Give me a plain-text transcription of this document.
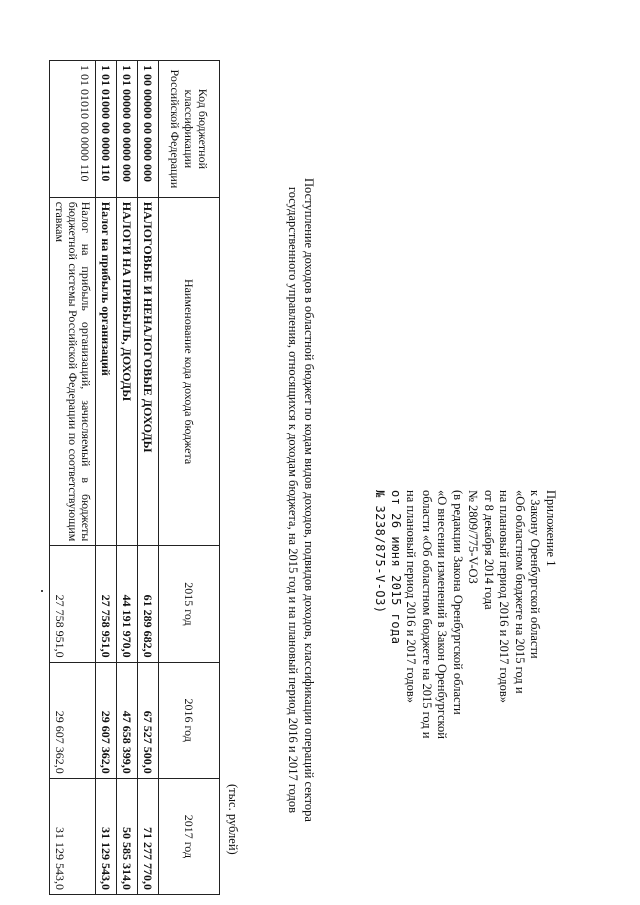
Приложение 1
к Закону Оренбургской области
«Об областном бюджете на 2015 год и
на плановый период 2016 и 2017 годов»
от 8 декабря 2014 года
№ 2809/775-V-ОЗ
(в редакции Закона Оренбургской области
«О внесении изменений в Закон Оренбургской
области «Об областном бюджете на 2015 год и
на плановый период 2016 и 2017 годов»
от 26 июня 2015 года
№ 3238/875-V-ОЗ)
Поступление доходов в областной бюджет по кодам видов доходов, подвидов доходов, классификации операций сектора государственного управления, относящихся к доходам бюджета, на 2015 год и на плановый период 2016 и 2017 годов
(тыс. рублей)
Код бюджетной классификации Российской Федерации	Наименование кода дохода бюджета	2015 год	2016 год	2017 год
1 00 00000 00 0000 000	НАЛОГОВЫЕ И НЕНАЛОГОВЫЕ ДОХОДЫ	61 289 682,0	67 527 500,0	71 277 770,0
1 01 00000 00 0000 000	НАЛОГИ НА ПРИБЫЛЬ, ДОХОДЫ	44 191 970,0	47 658 399,0	50 585 314,0
1 01 01000 00 0000 110	Налог на прибыль организаций	27 758 951,0	29 607 362,0	31 129 543,0
1 01 01010 00 0000 110	Налог на прибыль организаций, зачисляемый в бюджеты бюджетной системы Российской Федерации по соответствующим ставкам	27 758 951,0	29 607 362,0	31 129 543,0
